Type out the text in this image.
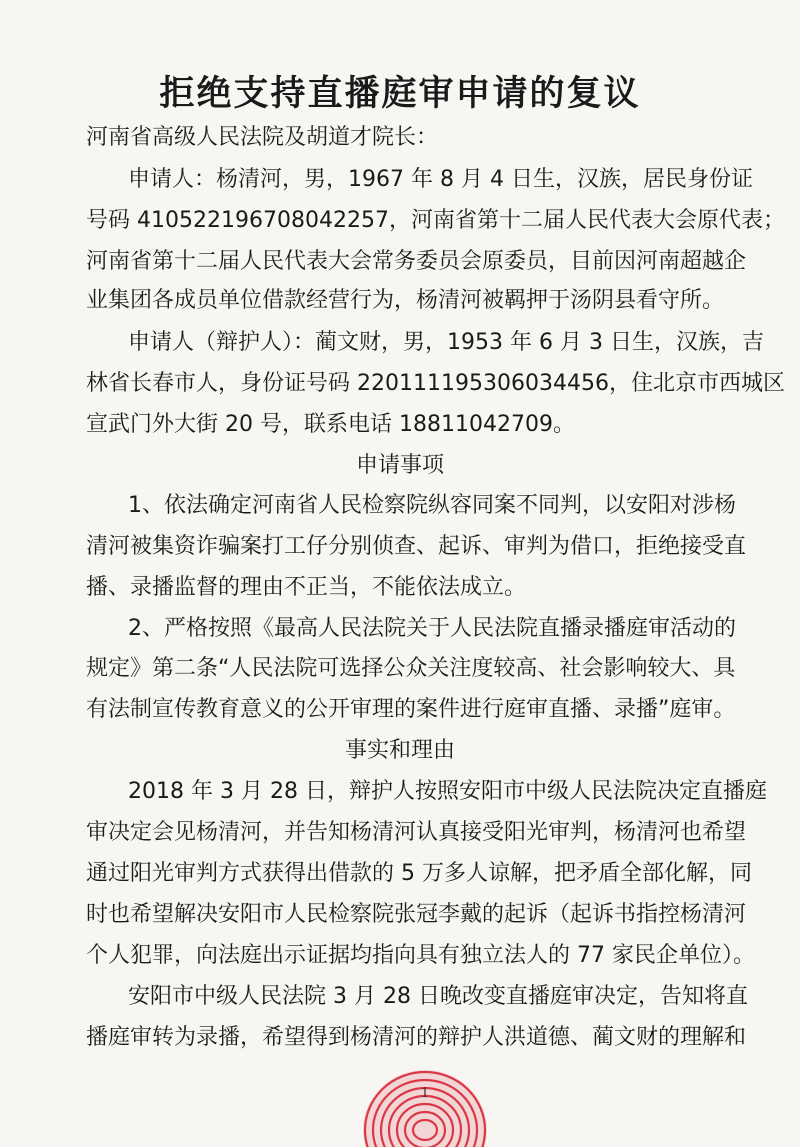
拒绝支持直播庭审申请的复议
河南省高级人民法院及胡道才院长：
申请人：杨清河，男，1967 年 8 月 4 日生，汉族，居民身份证
号码 410522196708042257，河南省第十二届人民代表大会原代表；
河南省第十二届人民代表大会常务委员会原委员，目前因河南超越企
业集团各成员单位借款经营行为，杨清河被羁押于汤阴县看守所。
申请人（辩护人）：蔺文财，男，1953 年 6 月 3 日生，汉族，吉
林省长春市人，身份证号码 220111195306034456，住北京市西城区
宣武门外大街 20 号，联系电话 18811042709。
申请事项
1、依法确定河南省人民检察院纵容同案不同判，以安阳对涉杨
清河被集资诈骗案打工仔分别侦查、起诉、审判为借口，拒绝接受直
播、录播监督的理由不正当，不能依法成立。
2、严格按照《最高人民法院关于人民法院直播录播庭审活动的
规定》第二条“人民法院可选择公众关注度较高、社会影响较大、具
有法制宣传教育意义的公开审理的案件进行庭审直播、录播”庭审。
事实和理由
2018 年 3 月 28 日，辩护人按照安阳市中级人民法院决定直播庭
审决定会见杨清河，并告知杨清河认真接受阳光审判，杨清河也希望
通过阳光审判方式获得出借款的 5 万多人谅解，把矛盾全部化解，同
时也希望解决安阳市人民检察院张冠李戴的起诉（起诉书指控杨清河
个人犯罪，向法庭出示证据均指向具有独立法人的 77 家民企单位）。
安阳市中级人民法院 3 月 28 日晚改变直播庭审决定，告知将直
播庭审转为录播，希望得到杨清河的辩护人洪道德、蔺文财的理解和
1
